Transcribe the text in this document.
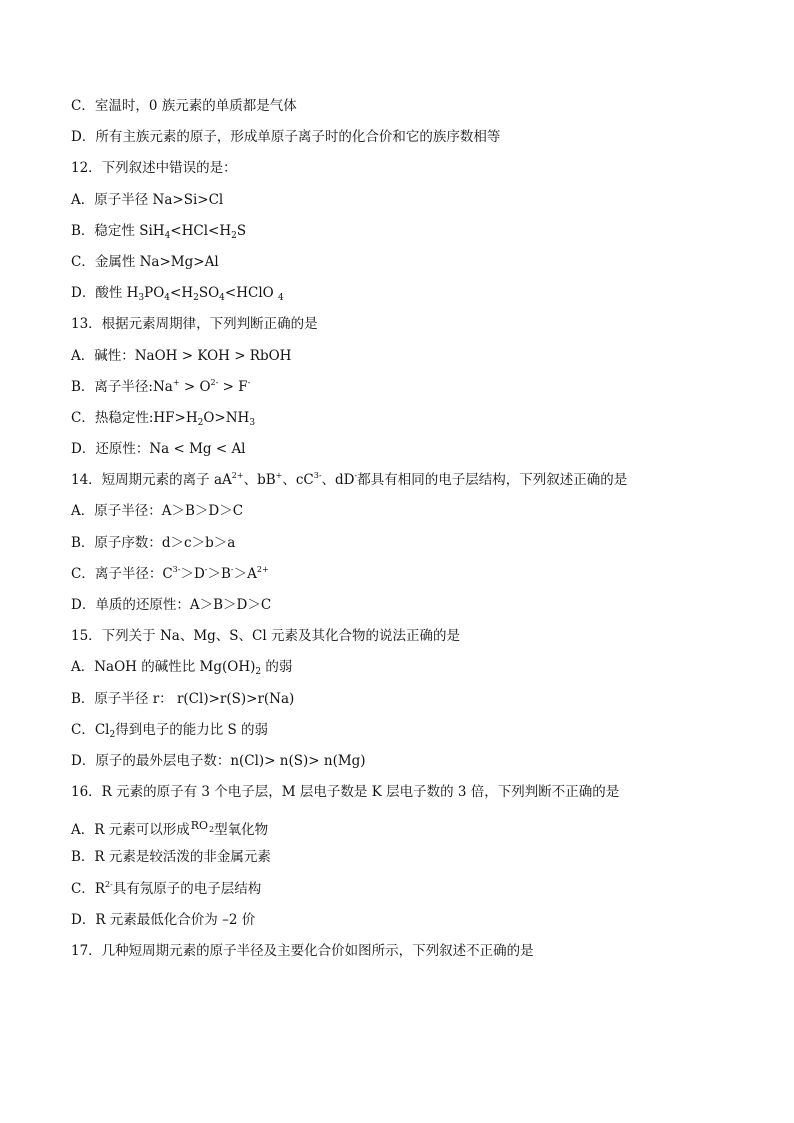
C．室温时，0 族元素的单质都是气体
D．所有主族元素的原子，形成单原子离子时的化合价和它的族序数相等
12．下列叙述中错误的是：
A．原子半径 Na>Si>Cl
B．稳定性 $SiH_4<HCl<H_2S$
C．金属性 Na>Mg>Al
D．酸性 $H_3PO_4<H_2SO_4<HClO$ $_4$
13．根据元素周期律，下列判断正确的是
A．碱性：NaOH > KOH > RbOH
B．离子半径:Na+ > $O^{2-} > F^-$
C．热稳定性$:HF>H_2O>NH_3$
D．还原性：Na < Mg < Al
14．短周期元素的离子 $aA^{2+}$、bB+、$cC^{3-}$、dD-都具有相同的电子层结构，下列叙述正确的是
A．原子半径：A＞B＞D＞C
B．原子序数：d＞c＞b＞a
C．离子半径：$C^{3-}>D^->B^->A^{2+}$
D．单质的还原性：A＞B＞D＞C
15．下列关于 Na、Mg、S、Cl 元素及其化合物的说法正确的是
A．NaOH 的碱性比 $Mg(OH)_2$ 的弱
B．原子半径 r： r(Cl)>r(S)>r(Na)
C．$Cl_2$得到电子的能力比 S 的弱
D．原子的最外层电子数：n(Cl)> n(S)> n(Mg)
16．R 元素的原子有 3 个电子层，M 层电子数是 K 层电子数的 3 倍，下列判断不正确的是
A．R 元素可以形成$RO_2$型氧化物
B．R 元素是较活泼的非金属元素
C．$R^{2-}$具有氖原子的电子层结构
D．R 元素最低化合价为 –2 价
17．几种短周期元素的原子半径及主要化合价如图所示，下列叙述不正确的是
